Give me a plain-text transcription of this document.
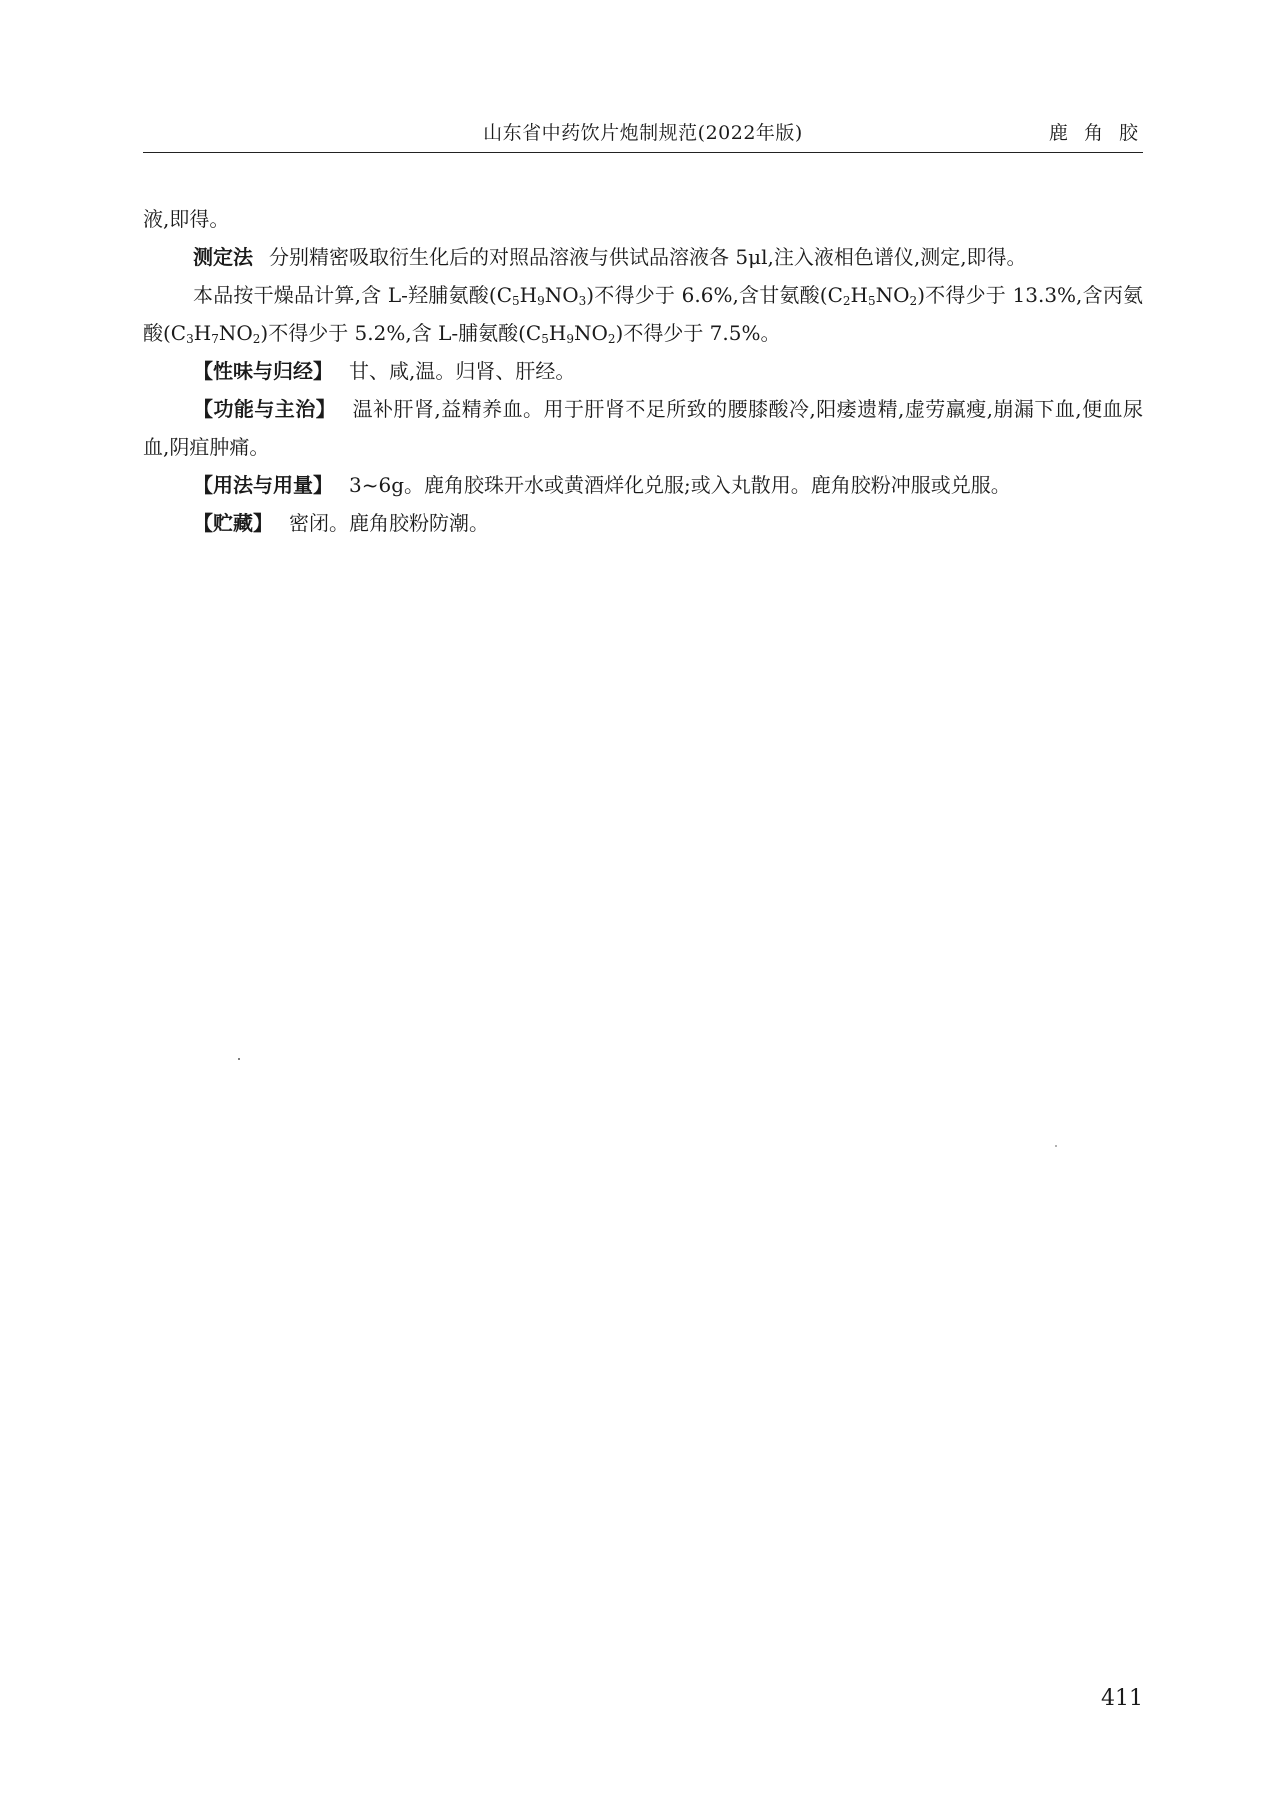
山东省中药饮片炮制规范(2022年版)	鹿 角 胶

液,即得。

测定法 分别精密吸取衍生化后的对照品溶液与供试品溶液各 5μl,注入液相色谱仪,测定,即得。

本品按干燥品计算,含 L-羟脯氨酸$(C_5H_9NO_3)$不得少于 6.6%,含甘氨酸$(C_2H_5NO_2)$不得少于 13.3%,含丙氨酸$(C_3H_7NO_2)$不得少于 5.2%,含 L-脯氨酸$(C_5H_9NO_2)$不得少于 7.5%。

【性味与归经】 甘、咸,温。归肾、肝经。

【功能与主治】 温补肝肾,益精养血。用于肝肾不足所致的腰膝酸冷,阳痿遗精,虚劳羸瘦,崩漏下血,便血尿血,阴疽肿痛。

【用法与用量】 3~6g。鹿角胶珠开水或黄酒烊化兑服;或入丸散用。鹿角胶粉冲服或兑服。

【贮藏】 密闭。鹿角胶粉防潮。

411
